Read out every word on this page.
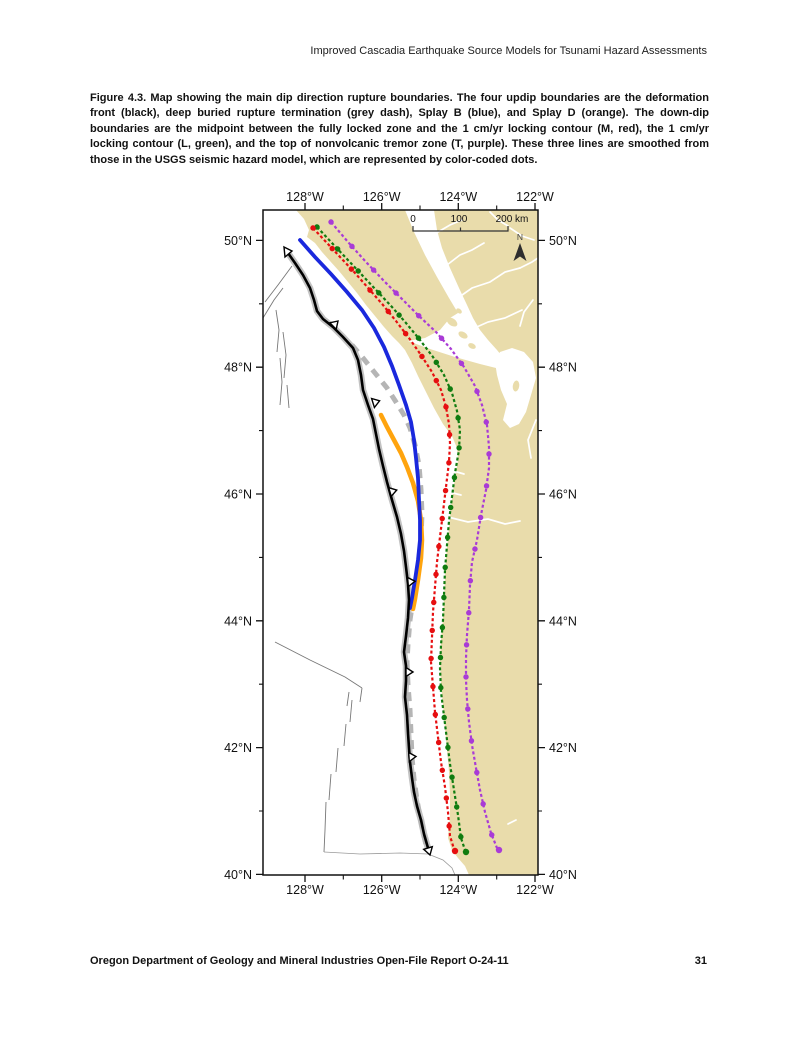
Improved Cascadia Earthquake Source Models for Tsunami Hazard Assessments
Figure 4.3. Map showing the main dip direction rupture boundaries. The four updip boundaries are the deformation front (black), deep buried rupture termination (grey dash), Splay B (blue), and Splay D (orange). The down-dip boundaries are the midpoint between the fully locked zone and the 1 cm/yr locking contour (M, red), the 1 cm/yr locking contour (L, green), and the top of nonvolcanic tremor zone (T, purple). These three lines are smoothed from those in the USGS seismic hazard model, which are represented by color-coded dots.
128°W	126°W	124°W	122°W
128°W	126°W	124°W	122°W
50°N
48°N
46°N
44°N
42°N
40°N
50°N
48°N
46°N
44°N
42°N
40°N
0	100	200 km
N
Oregon Department of Geology and Mineral Industries Open-File Report O-24-11	31
